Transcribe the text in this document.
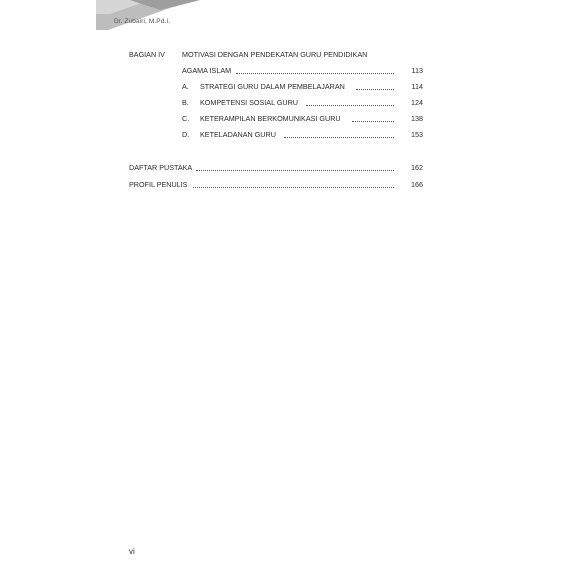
Dr. Zubairi, M.Pd.I.
BAGIAN IV MOTIVASI DENGAN PENDEKATAN GURU PENDIDIKAN
AGAMA ISLAM	113
A. STRATEGI GURU DALAM PEMBELAJARAN	114
B. KOMPETENSI SOSIAL GURU	124
C. KETERAMPILAN BERKOMUNIKASI GURU	138
D. KETELADANAN GURU	153
DAFTAR PUSTAKA	162
PROFIL PENULIS	166
vi
